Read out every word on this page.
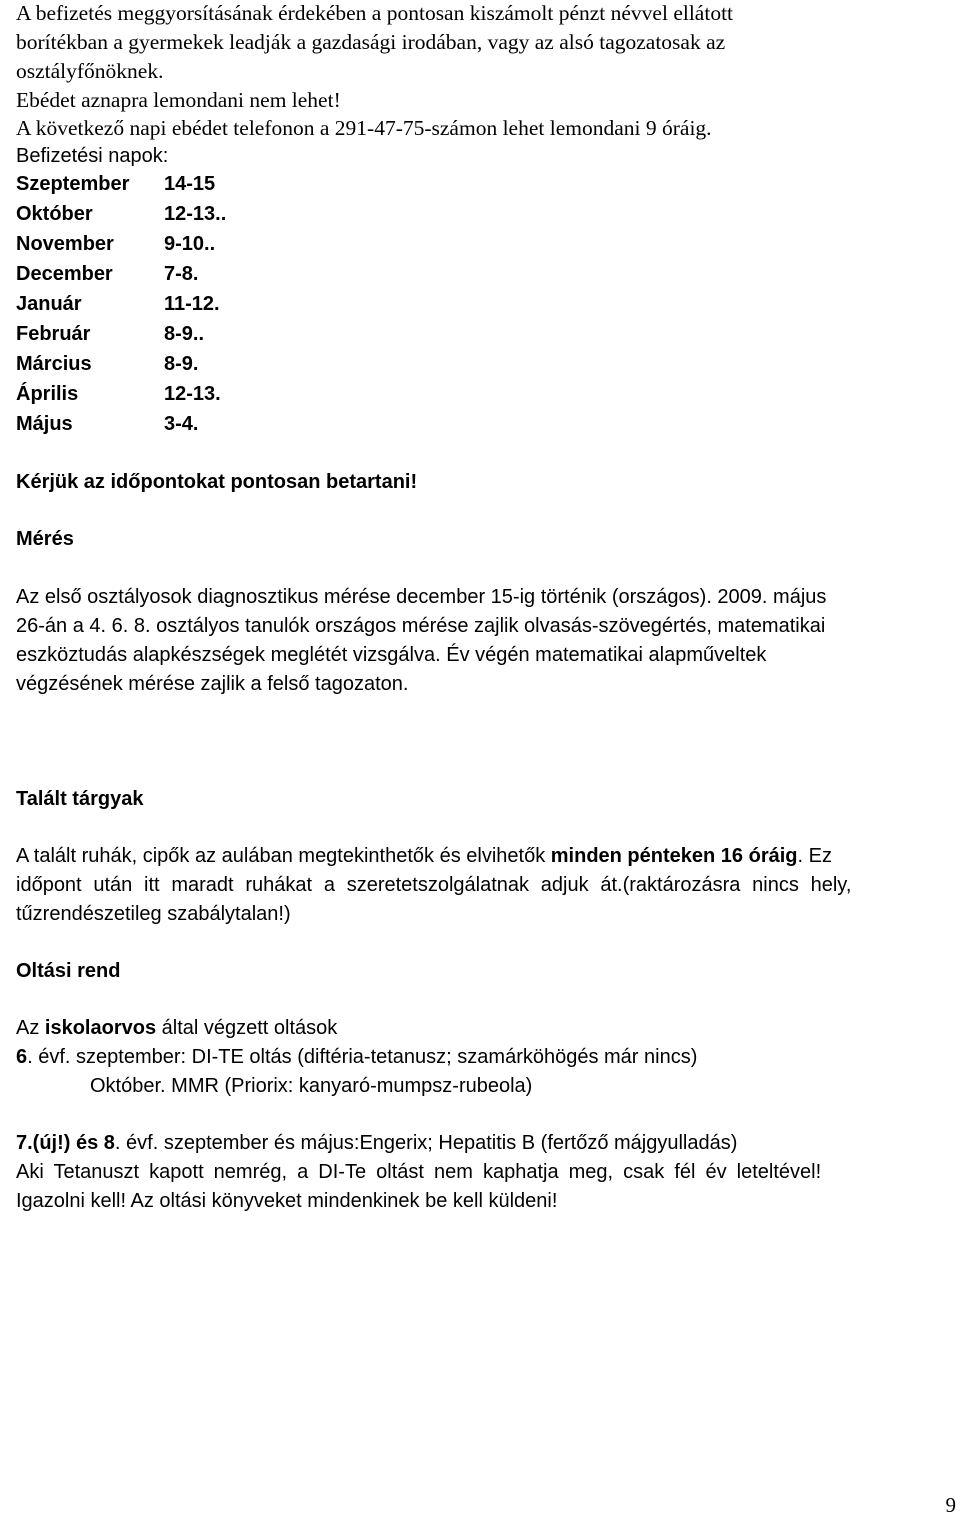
A befizetés meggyorsításának érdekében a pontosan kiszámolt pénzt névvel ellátott
borítékban a gyermekek leadják a gazdasági irodában, vagy az alsó tagozatosak az
osztályfőnöknek.
Ebédet aznapra lemondani nem lehet!
A következő napi ebédet telefonon a 291-47-75-számon lehet lemondani 9 óráig.
Befizetési napok:
Szeptember	14-15
Október	12-13..
November	9-10..
December	7-8.
Január	11-12.
Február	8-9..
Március	8-9.
Április	12-13.
Május	3-4.
Kérjük az időpontokat pontosan betartani!
Mérés
Az első osztályosok diagnosztikus mérése december 15-ig történik (országos). 2009. május
26-án a 4. 6. 8. osztályos tanulók országos mérése zajlik olvasás-szövegértés, matematikai
eszköztudás alapkészségek meglétét vizsgálva. Év végén matematikai alapműveltek
végzésének mérése zajlik a felső tagozaton.
Talált tárgyak
A talált ruhák, cipők az aulában megtekinthetők és elvihetők minden pénteken 16 óráig. Ez
időpont után itt maradt ruhákat a szeretetszolgálatnak adjuk át.(raktározásra nincs hely,
tűzrendészetileg szabálytalan!)
Oltási rend
Az iskolaorvos által végzett oltások
6. évf. szeptember: DI-TE oltás (diftéria-tetanusz; szamárköhögés már nincs)
Október. MMR (Priorix: kanyaró-mumpsz-rubeola)
7.(új!) és 8. évf. szeptember és május:Engerix; Hepatitis B (fertőző májgyulladás)
Aki Tetanuszt kapott nemrég, a DI-Te oltást nem kaphatja meg, csak fél év leteltével!
Igazolni kell! Az oltási könyveket mindenkinek be kell küldeni!
9
